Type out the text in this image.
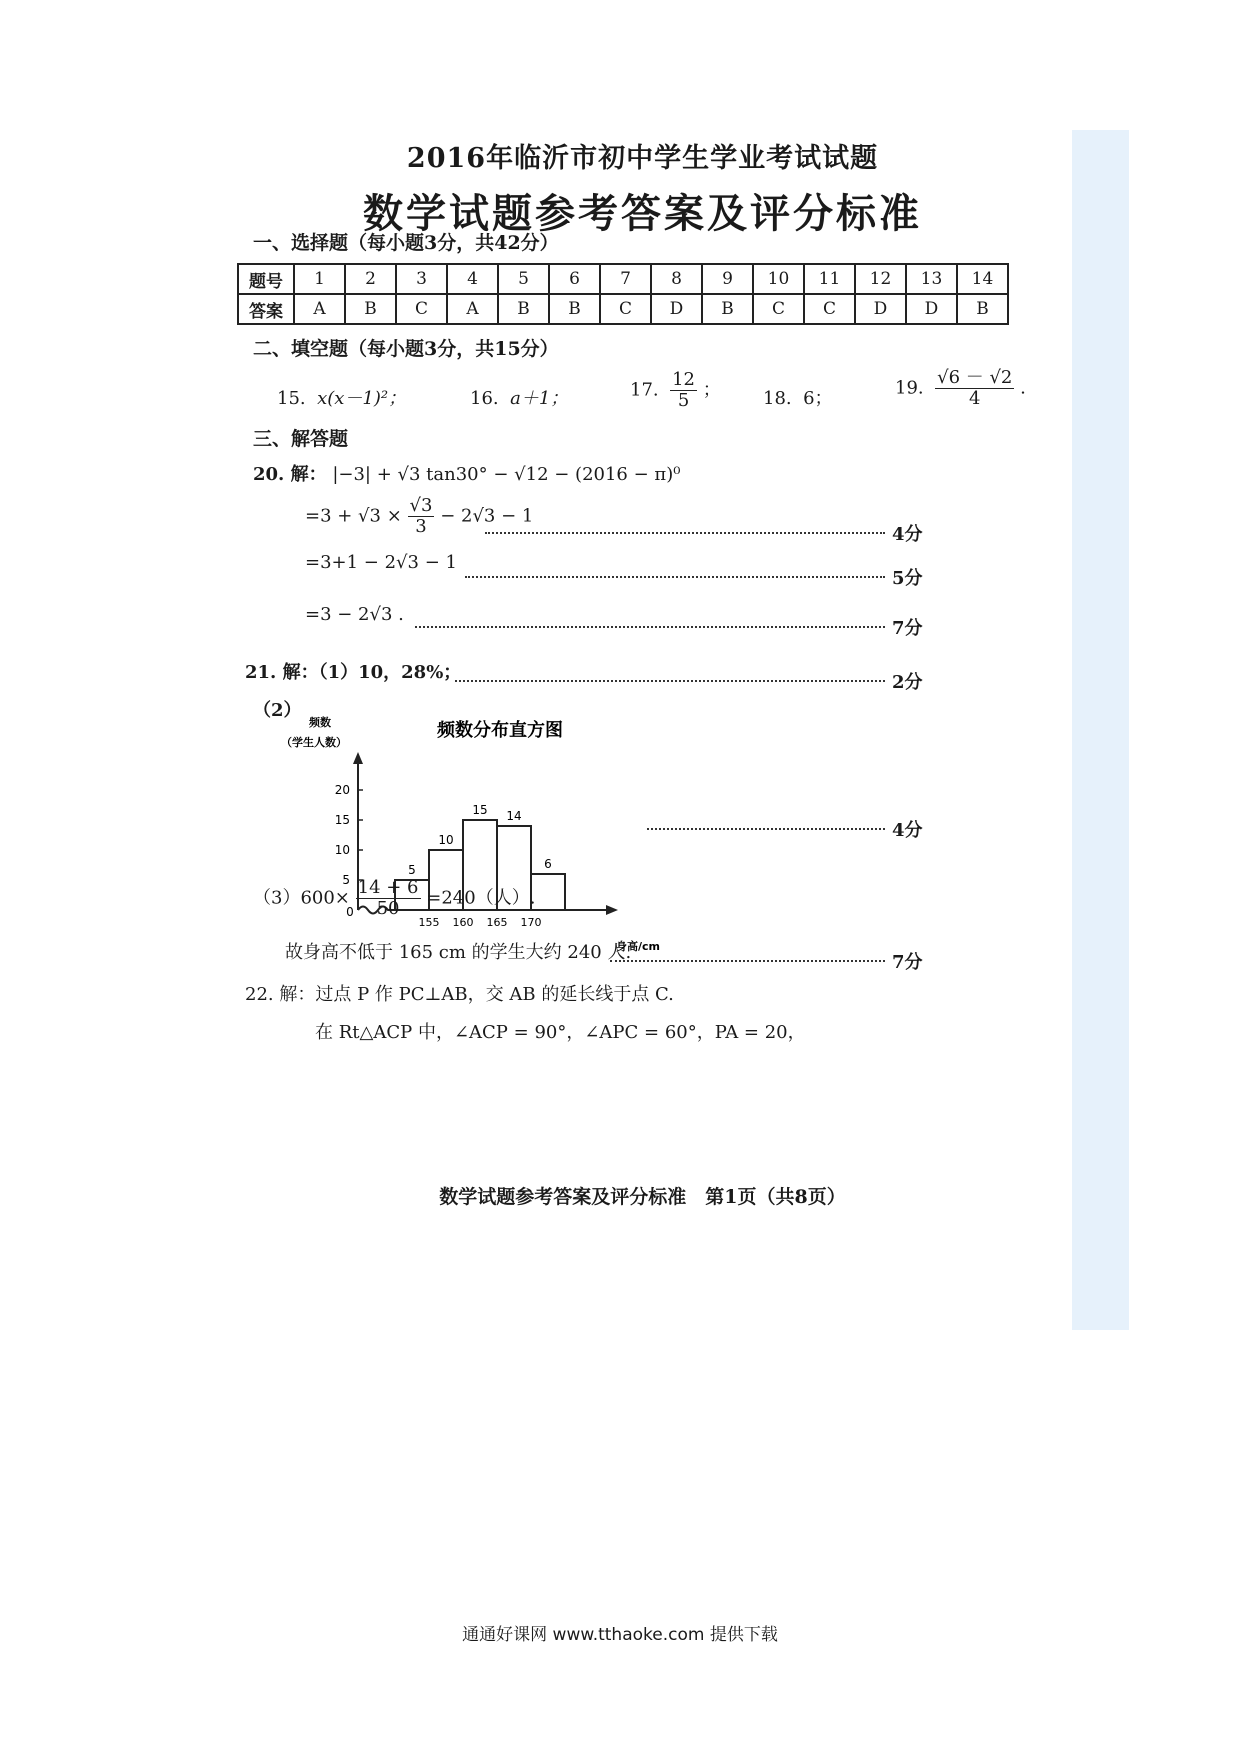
2016年临沂市初中学生学业考试试题
数学试题参考答案及评分标准
一、选择题（每小题3分，共42分）
题号	1	2	3	4	5	6	7	8	9	10	11	12	13	14
答案	A	B	C	A	B	B	C	D	B	C	C	D	D	B
二、填空题（每小题3分，共15分）
15. x(x－1)²；	16. a＋1；	17. $\frac{12}{5}$ ； 18. 6；
19. $\frac{√6 - √2}{4}$ .
三、解答题
20. 解： |−3| + √3 tan30° − √12 − (2016 − π)⁰
$=3 + √3 \times \frac{√3}{3} - 2√3 - 1$
4分
=3+1 − 2√3 − 1
5分
=3 − 2√3 .
7分
21. 解：（1）10，28%；	2分
（2）
频数分布直方图
频数
（学生人数）
身高/cm
0
5
10
15
20
155 160 165 170
5
10
15 14
6
4分
$(3)600\times \frac{14 + 6}{50} =240$（人）.
故身高不低于 165 cm 的学生大约 240 人.	7分
22. 解：过点 P 作 PC⊥AB，交 AB 的延长线于点 C.
在 Rt△ACP 中，∠ACP = 90°，∠APC = 60°，PA = 20，
数学试题参考答案及评分标准　第1页（共8页）
通通好课网 www.tthaoke.com 提供下载
